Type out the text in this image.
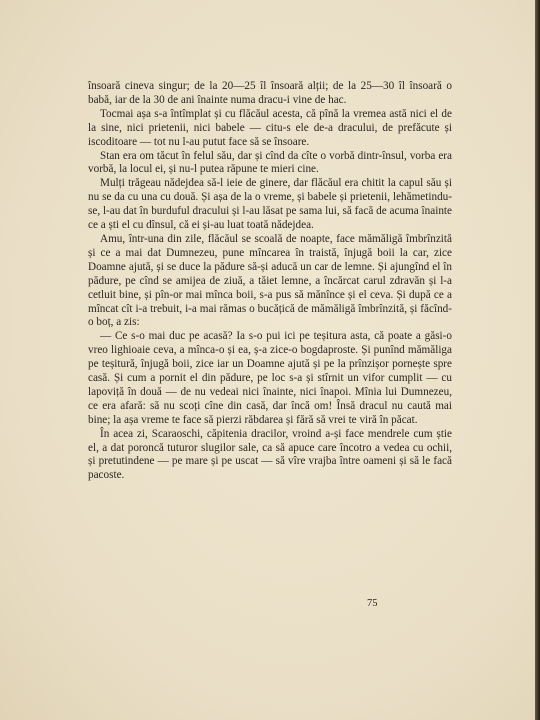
însoară cineva singur; de la 20—25 îl însoară alții; de la 25—30 îl însoară o babă, iar de la 30 de ani înainte numa dracu-i vine de hac.

Tocmai așa s-a întîmplat și cu flăcăul acesta, că pînă la vremea astă nici el de la sine, nici prietenii, nici babele — citu-s ele de-a dracului, de prefăcute și iscoditoare — tot nu l-au putut face să se însoare.

Stan era om tăcut în felul său, dar și cînd da cîte o vorbă dintr-însul, vorba era vorbă, la locul ei, și nu-l putea răpune te mieri cine.

Mulți trăgeau nădejdea să-l ieie de ginere, dar flăcăul era chitit la capul său și nu se da cu una cu două. Și așa de la o vreme, și babele și prietenii, lehămetindu-se, l-au dat în burduful dracului și l-au lăsat pe sama lui, să facă de acuma înainte ce a ști el cu dînsul, că ei și-au luat toată nădejdea.

Amu, într-una din zile, flăcăul se scoală de noapte, face mămăligă îmbrînzită și ce a mai dat Dumnezeu, pune mîncarea în traistă, înjugă boii la car, zice Doamne ajută, și se duce la pădure să-și aducă un car de lemne. Și ajungînd el în pădure, pe cînd se amijea de ziuă, a tăiet lemne, a încărcat carul zdravăn și l-a cetluit bine, și pîn-or mai mînca boii, s-a pus să mănînce și el ceva. Și după ce a mîncat cît i-a trebuit, i-a mai rămas o bucățică de mămăligă îmbrînzită, și făcînd-o boț, a zis:

— Ce s-o mai duc pe acasă? Ia s-o pui ici pe teșitura asta, că poate a găsi-o vreo lighioaie ceva, a mînca-o și ea, ș-a zice-o bogdaproste. Și punînd mămăliga pe teșitură, înjugă boii, zice iar un Doamne ajută și pe la prînzișor pornește spre casă. Și cum a pornit el din pădure, pe loc s-a și stîrnit un vifor cumplit — cu lapoviță în două — de nu vedeai nici înainte, nici înapoi. Mînia lui Dumnezeu, ce era afară: să nu scoți cîne din casă, dar încă om! Însă dracul nu caută mai bine; la așa vreme te face să pierzi răbdarea și fără să vrei te viră în păcat.

În acea zi, Scaraoschi, căpitenia dracilor, vroind a-și face mendrele cum știe el, a dat poroncă tuturor slugilor sale, ca să apuce care încotro a vedea cu ochii, și pretutindene — pe mare și pe uscat — să vîre vrajba între oameni și să le facă pacoste.

75
